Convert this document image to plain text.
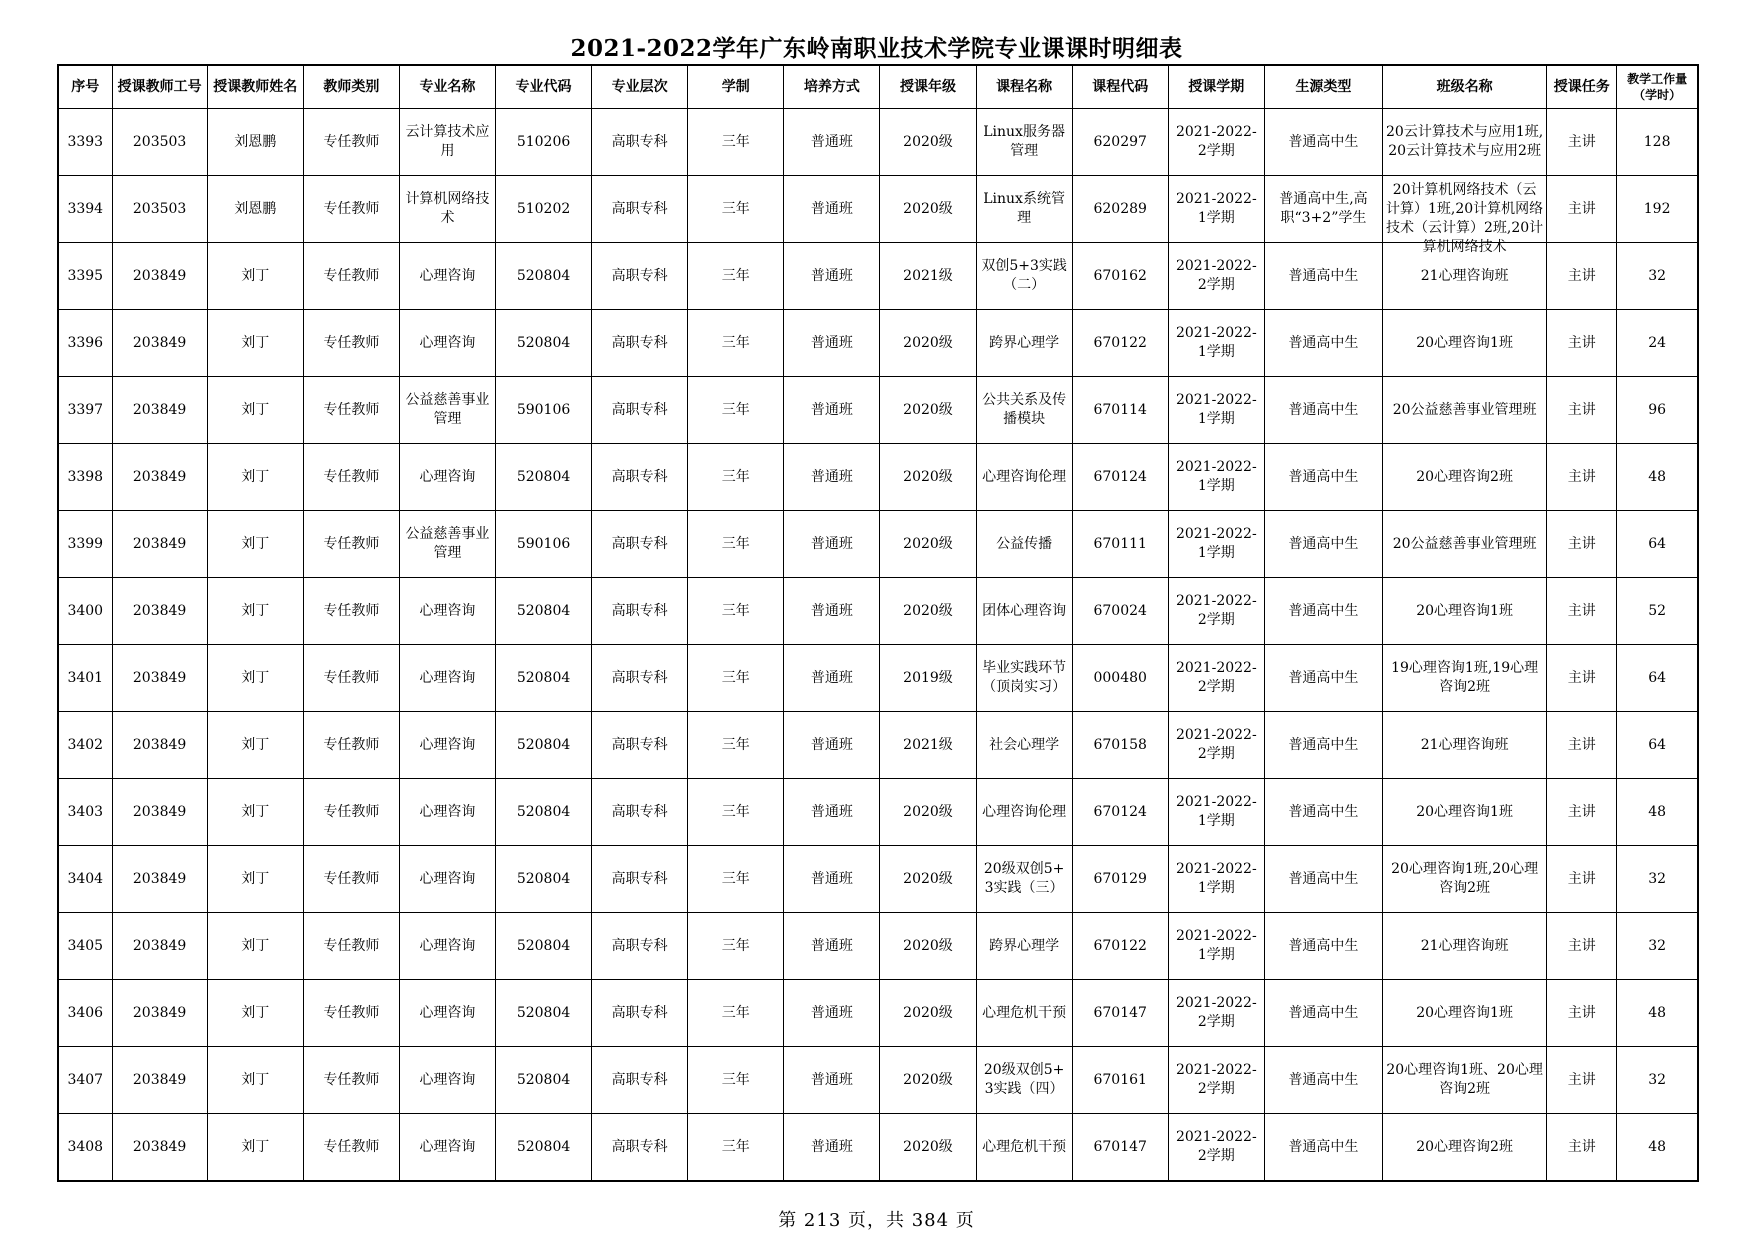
2021-2022学年广东岭南职业技术学院专业课课时明细表
序号	授课教师工号	授课教师姓名	教师类别	专业名称	专业代码	专业层次	学制	培养方式	授课年级	课程名称	课程代码	授课学期	生源类型	班级名称	授课任务	教学工作量（学时）

3393	203503	刘恩鹏	专任教师	云计算技术应用	510206	高职专科	三年	普通班	2020级	Linux服务器管理	620297	2021-2022-2学期	普通高中生	20云计算技术与应用1班,20云计算技术与应用2班	主讲	128

3394	203503	刘恩鹏	专任教师	计算机网络技术	510202	高职专科	三年	普通班	2020级	Linux系统管理	620289	2021-2022-1学期	普通高中生,高职“3+2”学生	20计算机网络技术（云计算）1班,20计算机网络技术（云计算）2班,20计算机网络技术	主讲	192

3395	203849	刘丁	专任教师	心理咨询	520804	高职专科	三年	普通班	2021级	双创5+3实践（二）	670162	2021-2022-2学期	普通高中生	21心理咨询班	主讲	32

3396	203849	刘丁	专任教师	心理咨询	520804	高职专科	三年	普通班	2020级	跨界心理学	670122	2021-2022-1学期	普通高中生	20心理咨询1班	主讲	24

3397	203849	刘丁	专任教师	公益慈善事业管理	590106	高职专科	三年	普通班	2020级	公共关系及传播模块	670114	2021-2022-1学期	普通高中生	20公益慈善事业管理班	主讲	96

3398	203849	刘丁	专任教师	心理咨询	520804	高职专科	三年	普通班	2020级	心理咨询伦理	670124	2021-2022-1学期	普通高中生	20心理咨询2班	主讲	48

3399	203849	刘丁	专任教师	公益慈善事业管理	590106	高职专科	三年	普通班	2020级	公益传播	670111	2021-2022-1学期	普通高中生	20公益慈善事业管理班	主讲	64

3400	203849	刘丁	专任教师	心理咨询	520804	高职专科	三年	普通班	2020级	团体心理咨询	670024	2021-2022-2学期	普通高中生	20心理咨询1班	主讲	52

3401	203849	刘丁	专任教师	心理咨询	520804	高职专科	三年	普通班	2019级	毕业实践环节（顶岗实习）	000480	2021-2022-2学期	普通高中生	19心理咨询1班,19心理咨询2班	主讲	64

3402	203849	刘丁	专任教师	心理咨询	520804	高职专科	三年	普通班	2021级	社会心理学	670158	2021-2022-2学期	普通高中生	21心理咨询班	主讲	64

3403	203849	刘丁	专任教师	心理咨询	520804	高职专科	三年	普通班	2020级	心理咨询伦理	670124	2021-2022-1学期	普通高中生	20心理咨询1班	主讲	48

3404	203849	刘丁	专任教师	心理咨询	520804	高职专科	三年	普通班	2020级	20级双创5+3实践（三）	670129	2021-2022-1学期	普通高中生	20心理咨询1班,20心理咨询2班	主讲	32

3405	203849	刘丁	专任教师	心理咨询	520804	高职专科	三年	普通班	2020级	跨界心理学	670122	2021-2022-1学期	普通高中生	21心理咨询班	主讲	32

3406	203849	刘丁	专任教师	心理咨询	520804	高职专科	三年	普通班	2020级	心理危机干预	670147	2021-2022-2学期	普通高中生	20心理咨询1班	主讲	48

3407	203849	刘丁	专任教师	心理咨询	520804	高职专科	三年	普通班	2020级	20级双创5+3实践（四）	670161	2021-2022-2学期	普通高中生	20心理咨询1班、20心理咨询2班	主讲	32

3408	203849	刘丁	专任教师	心理咨询	520804	高职专科	三年	普通班	2020级	心理危机干预	670147	2021-2022-2学期	普通高中生	20心理咨询2班	主讲	48
第 213 页，共 384 页
